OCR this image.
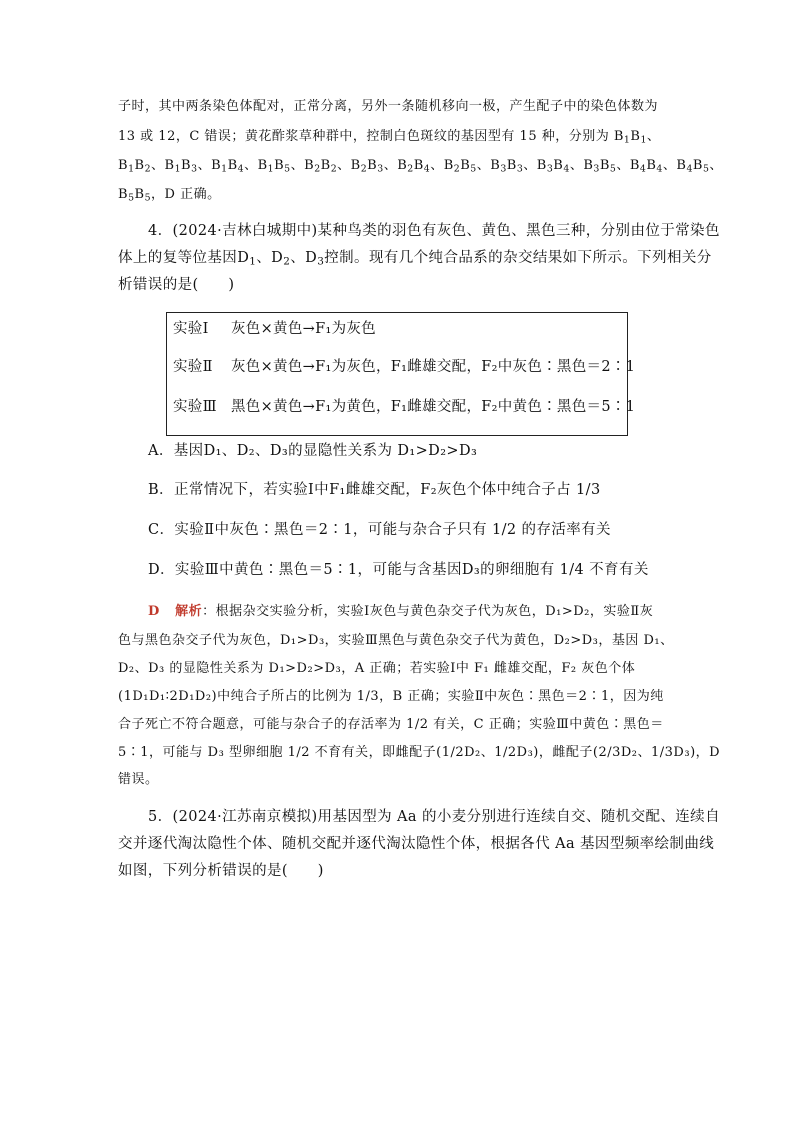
子时，其中两条染色体配对，正常分离，另外一条随机移向一极，产生配子中的染色体数为
13 或 12，C 错误；黄花酢浆草种群中，控制白色斑纹的基因型有 15 种，分别为 $B_1B_1$、
$B_1B_2$、$B_1B_3$、$B_1B_4$、$B_1B_5$、$B_2B_2$、$B_2B_3$、$B_2B_4$、$B_2B_5$、$B_3B_3$、$B_3B_4$、$B_3B_5$、$B_4B_4$、$B_4B_5$、
$B_5B_5$，D 正确。
4．(2024·吉林白城期中)某种鸟类的羽色有灰色、黄色、黑色三种，分别由位于常染色
体上的复等位基因$D_1$、$D_2$、$D_3$控制。现有几个纯合品系的杂交结果如下所示。下列相关分
析错误的是(　　)
实验Ⅰ 灰色×黄色→F₁为灰色
实验Ⅱ 灰色×黄色→F₁为灰色，F₁雌雄交配，F₂中灰色∶黑色＝2∶1
实验Ⅲ 黑色×黄色→F₁为黄色，F₁雌雄交配，F₂中黄色∶黑色＝5∶1
A．基因D₁、D₂、D₃的显隐性关系为 D₁>D₂>D₃
B．正常情况下，若实验Ⅰ中F₁雌雄交配，F₂灰色个体中纯合子占 1/3
C．实验Ⅱ中灰色∶黑色＝2∶1，可能与杂合子只有 1/2 的存活率有关
D．实验Ⅲ中黄色∶黑色＝5∶1，可能与含基因D₃的卵细胞有 1/4 不育有关
D 解析：根据杂交实验分析，实验Ⅰ灰色与黄色杂交子代为灰色，D₁>D₂，实验Ⅱ灰
色与黑色杂交子代为灰色，D₁>D₃，实验Ⅲ黑色与黄色杂交子代为黄色，D₂>D₃，基因 D₁、
D₂、D₃ 的显隐性关系为 D₁>D₂>D₃，A 正确；若实验Ⅰ中 F₁ 雌雄交配，F₂ 灰色个体
(1D₁D₁∶2D₁D₂)中纯合子所占的比例为 1/3，B 正确；实验Ⅱ中灰色∶黑色＝2∶1，因为纯
合子死亡不符合题意，可能与杂合子的存活率为 1/2 有关，C 正确；实验Ⅲ中黄色∶黑色＝
5∶1，可能与 D₃ 型卵细胞 1/2 不育有关，即雌配子(1/2D₂、1/2D₃)，雌配子(2/3D₂、1/3D₃)，D
错误。
5．(2024·江苏南京模拟)用基因型为 Aa 的小麦分别进行连续自交、随机交配、连续自
交并逐代淘汰隐性个体、随机交配并逐代淘汰隐性个体，根据各代 Aa 基因型频率绘制曲线
如图，下列分析错误的是(　　)
